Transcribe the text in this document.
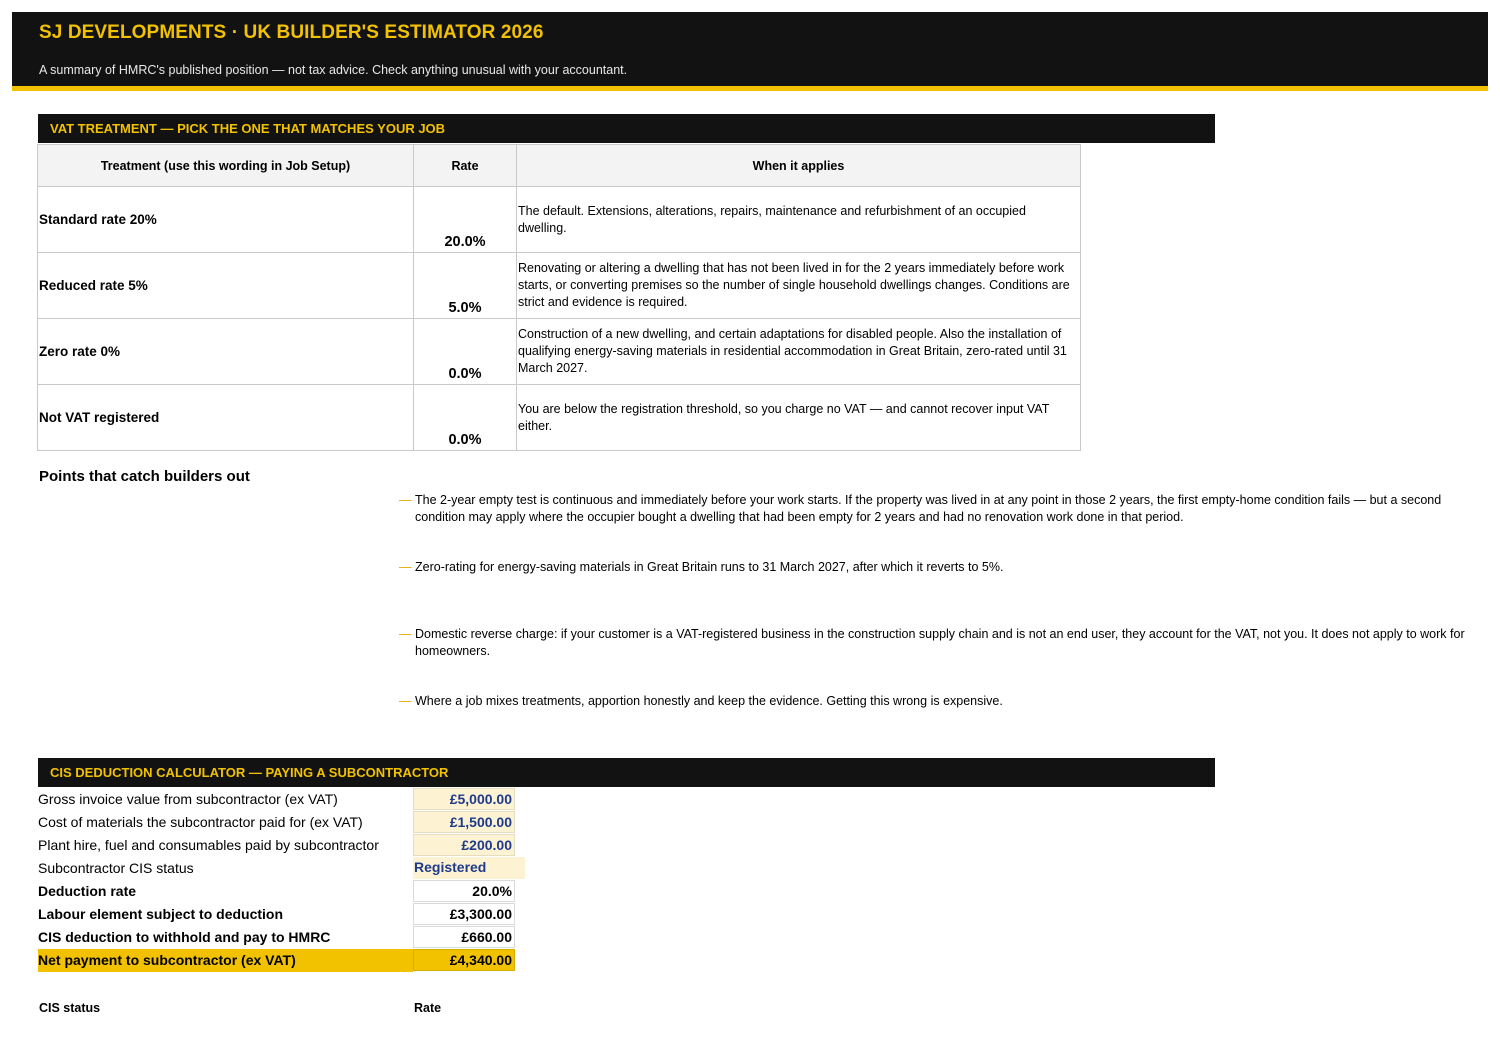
SJ DEVELOPMENTS · UK BUILDER'S ESTIMATOR 2026
A summary of HMRC's published position — not tax advice. Check anything unusual with your accountant.
VAT TREATMENT — PICK THE ONE THAT MATCHES YOUR JOB
Treatment (use this wording in Job Setup)	Rate	When it applies
Standard rate 20%	20.0%	The default. Extensions, alterations, repairs, maintenance and refurbishment of an occupied dwelling.
Reduced rate 5%	5.0%	Renovating or altering a dwelling that has not been lived in for the 2 years immediately before work starts, or converting premises so the number of single household dwellings changes. Conditions are strict and evidence is required.
Zero rate 0%	0.0%	Construction of a new dwelling, and certain adaptations for disabled people. Also the installation of qualifying energy-saving materials in residential accommodation in Great Britain, zero-rated until 31 March 2027.
Not VAT registered	0.0%	You are below the registration threshold, so you charge no VAT — and cannot recover input VAT either.
Points that catch builders out
— The 2-year empty test is continuous and immediately before your work starts. If the property was lived in at any point in those 2 years, the first empty-home condition fails — but a second condition may apply where the occupier bought a dwelling that had been empty for 2 years and had no renovation work done in that period.
— Zero-rating for energy-saving materials in Great Britain runs to 31 March 2027, after which it reverts to 5%.
— Domestic reverse charge: if your customer is a VAT-registered business in the construction supply chain and is not an end user, they account for the VAT, not you. It does not apply to work for homeowners.
— Where a job mixes treatments, apportion honestly and keep the evidence. Getting this wrong is expensive.
CIS DEDUCTION CALCULATOR — PAYING A SUBCONTRACTOR
Gross invoice value from subcontractor (ex VAT)	£5,000.00
Cost of materials the subcontractor paid for (ex VAT)	£1,500.00
Plant hire, fuel and consumables paid by subcontractor	£200.00
Subcontractor CIS status	Registered
Deduction rate	20.0%
Labour element subject to deduction	£3,300.00
CIS deduction to withhold and pay to HMRC	£660.00
Net payment to subcontractor (ex VAT)	£4,340.00
CIS status	Rate
